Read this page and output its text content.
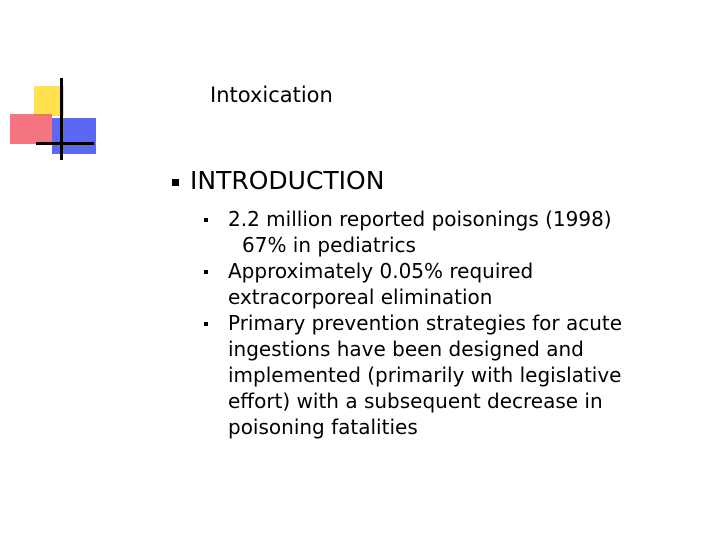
Intoxication
INTRODUCTION
2.2 million reported poisonings (1998)
67% in pediatrics
Approximately 0.05% required extracorporeal elimination
Primary prevention strategies for acute ingestions have been designed and implemented (primarily with legislative effort) with a subsequent decrease in poisoning fatalities
